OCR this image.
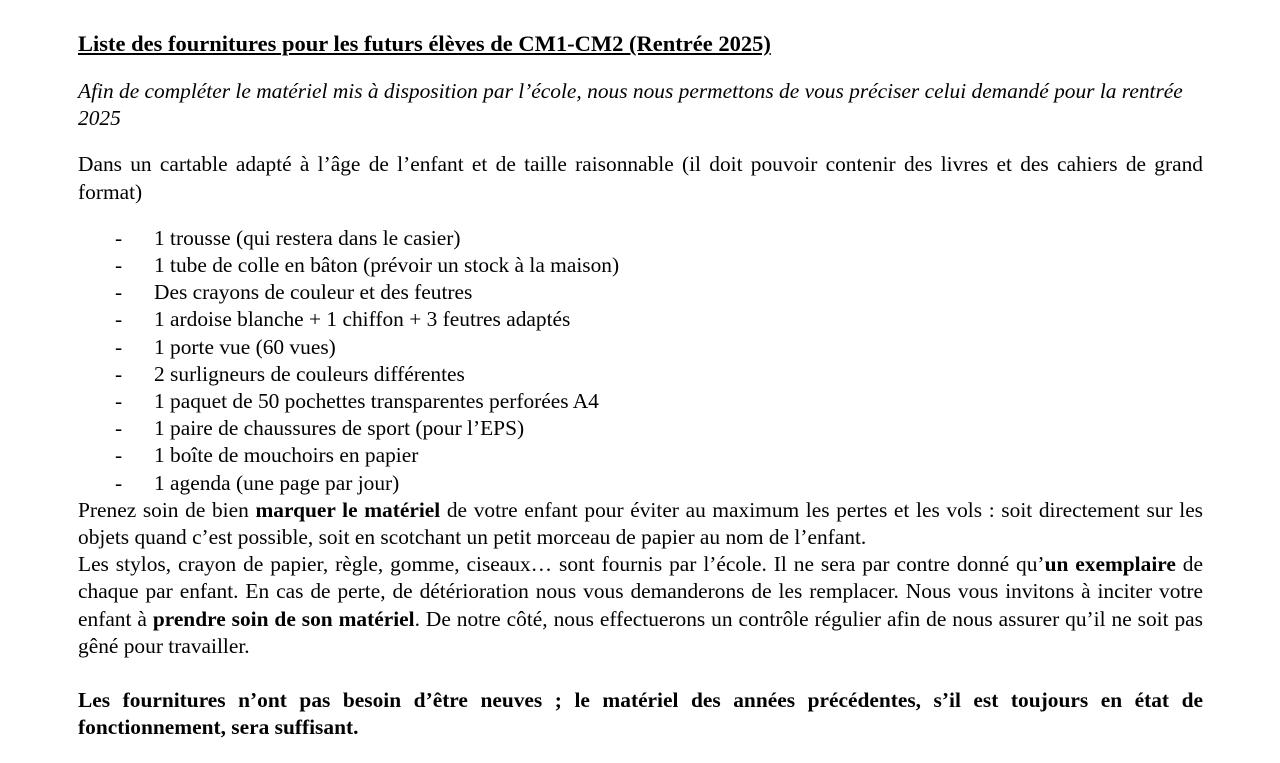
Liste des fournitures pour les futurs élèves de CM1-CM2 (Rentrée 2025)

Afin de compléter le matériel mis à disposition par l’école, nous nous permettons de vous préciser celui demandé pour la rentrée 2025

Dans un cartable adapté à l’âge de l’enfant et de taille raisonnable (il doit pouvoir contenir des livres et des cahiers de grand format)

- 1 trousse (qui restera dans le casier)
- 1 tube de colle en bâton (prévoir un stock à la maison)
- Des crayons de couleur et des feutres
- 1 ardoise blanche + 1 chiffon + 3 feutres adaptés
- 1 porte vue (60 vues)
- 2 surligneurs de couleurs différentes
- 1 paquet de 50 pochettes transparentes perforées A4
- 1 paire de chaussures de sport (pour l’EPS)
- 1 boîte de mouchoirs en papier
- 1 agenda (une page par jour)

Prenez soin de bien marquer le matériel de votre enfant pour éviter au maximum les pertes et les vols : soit directement sur les objets quand c’est possible, soit en scotchant un petit morceau de papier au nom de l’enfant.

Les stylos, crayon de papier, règle, gomme, ciseaux… sont fournis par l’école. Il ne sera par contre donné qu’un exemplaire de chaque par enfant. En cas de perte, de détérioration nous vous demanderons de les remplacer. Nous vous invitons à inciter votre enfant à prendre soin de son matériel. De notre côté, nous effectuerons un contrôle régulier afin de nous assurer qu’il ne soit pas gêné pour travailler.

Les fournitures n’ont pas besoin d’être neuves ; le matériel des années précédentes, s’il est toujours en état de fonctionnement, sera suffisant.
